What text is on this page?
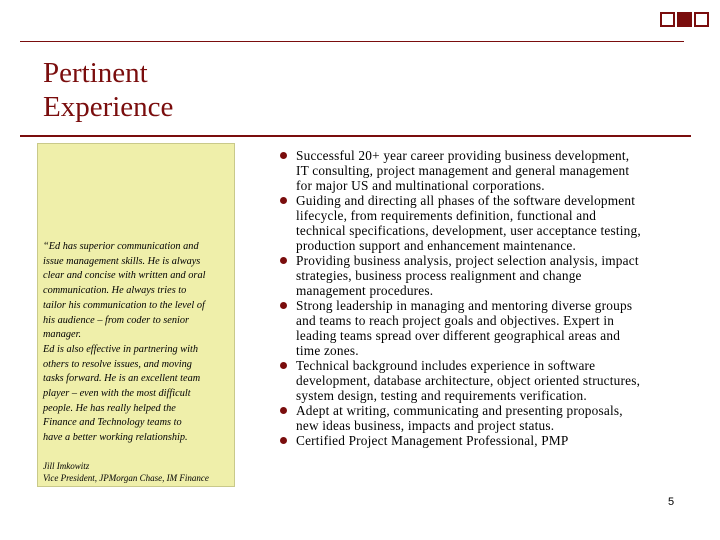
Pertinent
Experience
“Ed has superior communication and
issue management skills. He is always
clear and concise with written and oral
communication. He always tries to
tailor his communication to the level of
his audience – from coder to senior
manager.
Ed is also effective in partnering with
others to resolve issues, and moving
tasks forward. He is an excellent team
player – even with the most difficult
people. He has really helped the
Finance and Technology teams to
have a better working relationship.
Jill Imkowitz
Vice President, JPMorgan Chase, IM Finance
Successful 20+ year career providing business development,
IT consulting, project management and general management
for major US and multinational corporations.
Guiding and directing all phases of the software development
lifecycle, from requirements definition, functional and
technical specifications, development, user acceptance testing,
production support and enhancement maintenance.
Providing business analysis, project selection analysis, impact
strategies, business process realignment and change
management procedures.
Strong leadership in managing and mentoring diverse groups
and teams to reach project goals and objectives. Expert in
leading teams spread over different geographical areas and
time zones.
Technical background includes experience in software
development, database architecture, object oriented structures,
system design, testing and requirements verification.
Adept at writing, communicating and presenting proposals,
new ideas business, impacts and project status.
Certified Project Management Professional, PMP
5
